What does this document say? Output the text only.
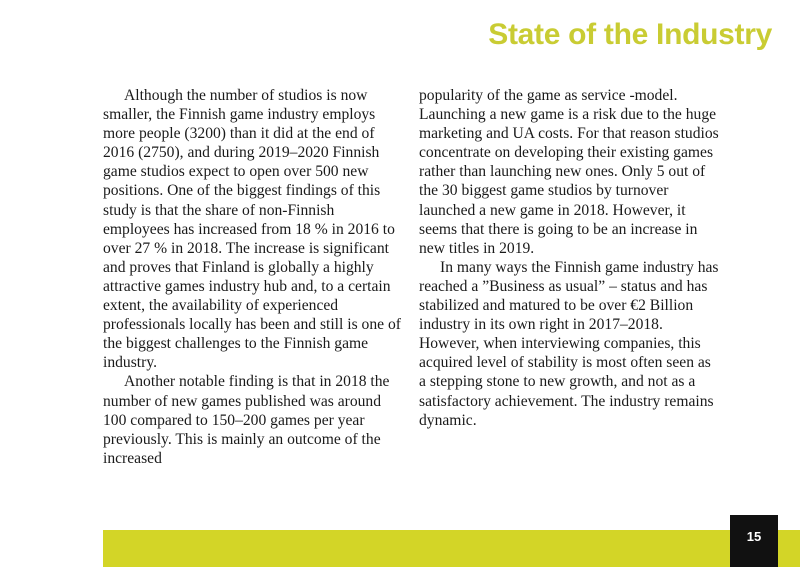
State of the Industry

Although the number of studios is now smaller, the Finnish game industry employs more people (3200) than it did at the end of 2016 (2750), and during 2019–2020 Finnish game studios expect to open over 500 new positions. One of the biggest findings of this study is that the share of non-Finnish employees has increased from 18 % in 2016 to over 27 % in 2018. The increase is significant and proves that Finland is globally a highly attractive games industry hub and, to a certain extent, the availability of experienced professionals locally has been and still is one of the biggest challenges to the Finnish game industry.

Another notable finding is that in 2018 the number of new games published was around 100 compared to 150–200 games per year previously. This is mainly an outcome of the increased

popularity of the game as service -model. Launching a new game is a risk due to the huge marketing and UA costs. For that reason studios concentrate on developing their existing games rather than launching new ones. Only 5 out of the 30 biggest game studios by turnover launched a new game in 2018. However, it seems that there is going to be an increase in new titles in 2019.

In many ways the Finnish game industry has reached a ”Business as usual” – status and has stabilized and matured to be over €2 Billion industry in its own right in 2017–2018. However, when interviewing companies, this acquired level of stability is most often seen as a stepping stone to new growth, and not as a satisfactory achievement. The industry remains dynamic.

15
